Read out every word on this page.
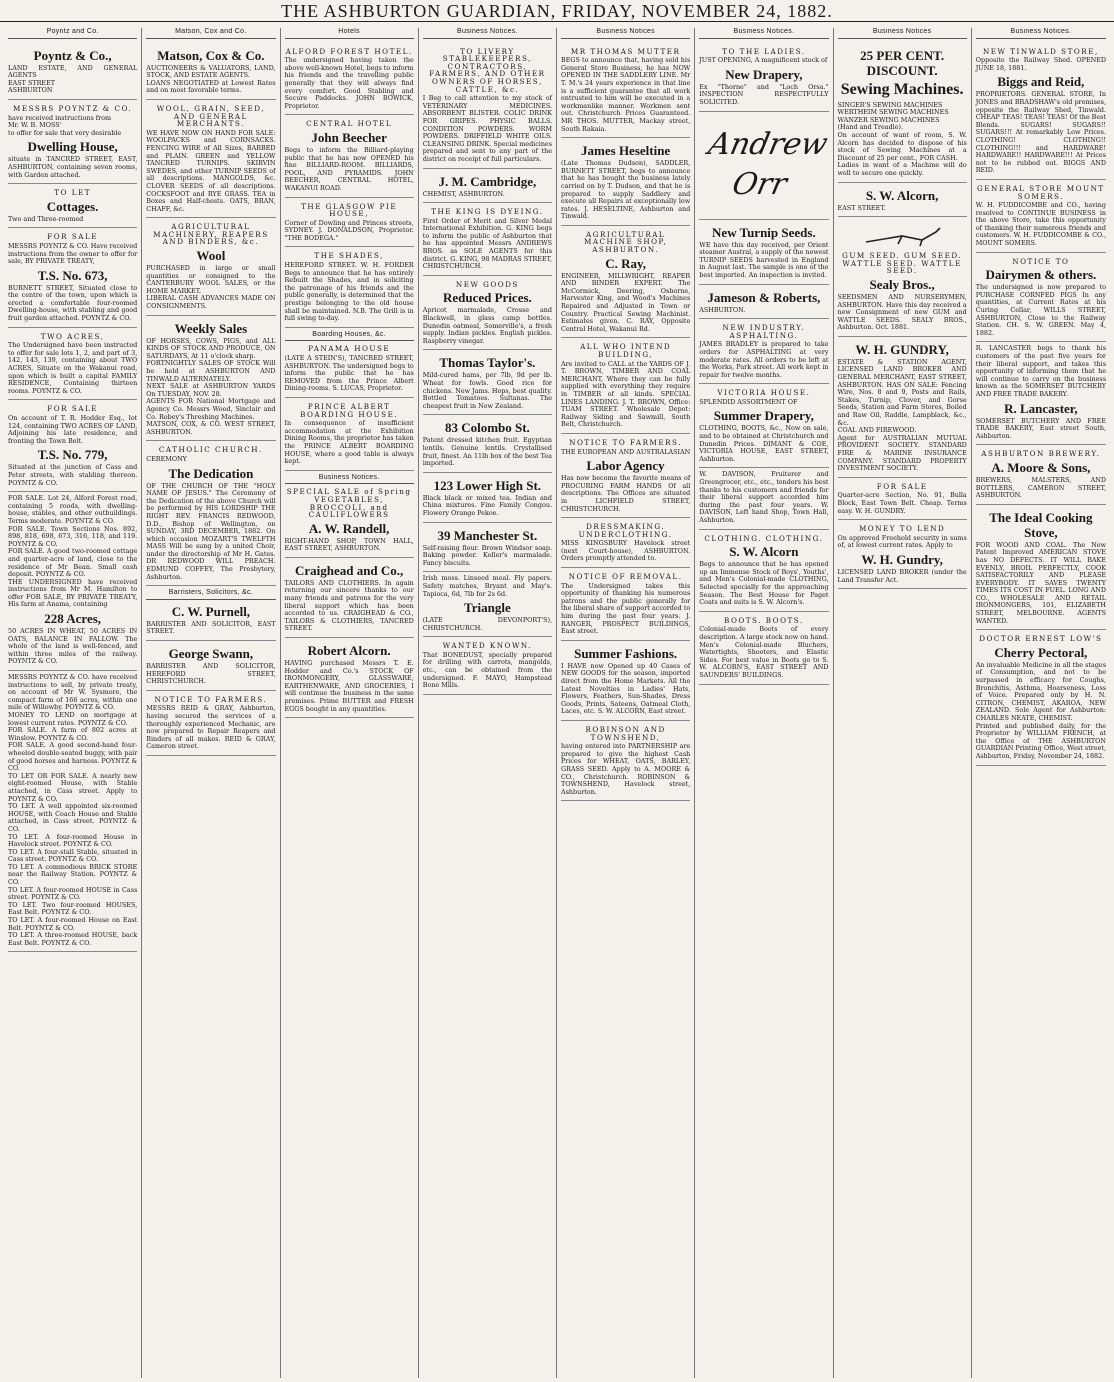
THE ASHBURTON GUARDIAN, FRIDAY, NOVEMBER 24, 1882.
Poyntz and Co.
Poyntz & Co.,
LAND ESTATE, AND GENERAL AGENTS
EAST STREET
ASHBURTON
MESSRS POYNTZ & CO.
have received instructions from
Mr. W. B. MOSS'
to offer for sale that very desirable
Dwelling House,
situate in TANCRED STREET, EAST, ASHBURTON, containing seven rooms, with Garden attached.
TO LET
Cottages.
Two and Three-roomed
FOR SALE
MESSRS POYNTZ & CO. Have received instructions from the owner to offer for sale, BY PRIVATE TREATY,
T.S. No. 673,
BURNETT STREET, Situated close to the centre of the town, upon which is erected a comfortable four-roomed Dwelling-house, with stabling and good fruit garden attached. POYNTZ & CO.
TWO ACRES,
The Undersigned have been instructed to offer for sale lots 1, 2, and part of 3, 142, 143, 139, containing about TWO ACRES, Situate on the Wakanui road, upon which is built a capital FAMILY RESIDENCE, Containing thirteen rooms. POYNTZ & CO.
FOR SALE
On account of T. R. Hodder Esq., lot 124, containing TWO ACRES OF LAND, Adjoining his late residence, and fronting the Town Belt.
T.S. No. 779,
Situated at the junction of Cass and Peter streets, with stabling thereon. POYNTZ & CO.
FOR SALE. Lot 24, Alford Forest road, containing 5 roods, with dwelling-house, stables, and other outbuildings. Terms moderate. POYNTZ & CO.
FOR SALE. Town Sections Nos. 892, 898, 818, 698, 673, 316, 118, and 119. POYNTZ & CO.
FOR SALE. A good two-roomed cottage and quarter-acre of land, close to the residence of Mr Bean. Small cash deposit. POYNTZ & CO.
THE UNDERSIGNED have received instructions from Mr M. Hamilton to offer FOR SALE, BY PRIVATE TREATY, His farm at Anama, containing
228 Acres,
50 ACRES IN WHEAT, 50 ACRES IN OATS, BALANCE IN FALLOW. The whole of the land is well-fenced, and within three miles of the railway. POYNTZ & CO.
MESSRS POYNTZ & CO. have received instructions to sell, by private treaty, on account of Mr W. Sysmore, the compact farm of 166 acres, within one mile of Willowby. POYNTZ & CO.
MONEY TO LEND on mortgage at lowest current rates. POYNTZ & CO.
FOR SALE. A farm of 802 acres at Winslow. POYNTZ & CO.
FOR SALE. A good second-hand four-wheeled double-seated buggy, with pair of good horses and harness. POYNTZ & CO.
TO LET OR FOR SALE. A nearly new eight-roomed House, with Stable attached, in Cass street. Apply to POYNTZ & CO.
TO LET. A well appointed six-roomed HOUSE, with Coach House and Stable attached, in Cass street. POYNTZ & CO.
TO LET. A four-roomed House in Havelock street. POYNTZ & CO.
TO LET. A four-stall Stable, situated in Cass street. POYNTZ & CO.
TO LET. A commodious BRICK STORE near the Railway Station. POYNTZ & CO.
TO LET. A four-roomed HOUSE in Cass street. POYNTZ & CO.
TO LET. Two four-roomed HOUSES, East Belt. POYNTZ & CO.
TO LET. A four-roomed House on East Belt. POYNTZ & CO.
TO LET. A three-roomed HOUSE, back East Belt. POYNTZ & CO.
Matson, Cox and Co.
Matson, Cox & Co.
AUCTIONEERS & VALUATORS, LAND, STOCK, AND ESTATE AGENTS.
LOANS NEGOTIATED at Lowest Rates and on most favorable terms.
WOOL, GRAIN, SEED, AND GENERAL MERCHANTS.
WE HAVE NOW ON HAND FOR SALE: WOOLPACKS and CORNSACKS. FENCING WIRE of All Sizes, BARBED and PLAIN. GREEN and YELLOW TANCRED TURNIPS. SKIRVIN SWEDES, and other TURNIP SEEDS of all descriptions. MANGOLDS, &c. CLOVER SEEDS of all descriptions. COCKSFOOT and RYE GRASS. TEA in Boxes and Half-chests. OATS, BRAN, CHAFF, &c.
AGRICULTURAL MACHINERY, REAPERS AND BINDERS, &c.
Wool
PURCHASED in large or small quantities or consigned to the CANTERBURY WOOL SALES, or the HOME MARKET.
LIBERAL CASH ADVANCES MADE ON CONSIGNMENTS.
Weekly Sales
OF HORSES, COWS, PIGS, and ALL KINDS OF STOCK AND PRODUCE, ON SATURDAYS, At 11 o'clock sharp.
FORTNIGHTLY SALES OF STOCK Will be held at ASHBURTON AND TINWALD ALTERNATELY.
NEXT SALE at ASHBURTON YARDS On TUESDAY, NOV. 28.
AGENTS FOR National Mortgage and Agency Co. Messrs Wood, Sinclair and Co. Robey's Threshing Machines.
MATSON, COX, & CO. WEST STREET, ASHBURTON.
CATHOLIC CHURCH.
CEREMONY
The Dedication
OF THE CHURCH OF THE "HOLY NAME OF JESUS." The Ceremony of the Dedication of the above Church will be performed by HIS LORDSHIP THE RIGHT REV. FRANCIS REDWOOD, D.D., Bishop of Wellington, on SUNDAY, 3RD DECEMBER, 1882. On which occasion MOZART'S TWELFTH MASS Will be sung by a united Choir, under the directorship of Mr H. Gates. DR REDWOOD WILL PREACH. EDMUND COFFEY, The Presbytery, Ashburton.
Barristers, Solicitors, &c.
C. W. Purnell,
BARRISTER AND SOLICITOR, EAST STREET.
George Swann,
BARRISTER AND SOLICITOR, HEREFORD STREET, CHRISTCHURCH.
NOTICE TO FARMERS.
MESSRS REID & GRAY, Ashburton, having secured the services of a thoroughly experienced Mechanic, are now prepared to Repair Reapers and Binders of all makes. REID & GRAY, Cameron street.
Hotels
ALFORD FOREST HOTEL.
The undersigned having taken the above well-known Hotel, begs to inform his friends and the travelling public generally that they will always find every comfort. Good Stabling and Secure Paddocks. JOHN BOWICK, Proprietor.
CENTRAL HOTEL
John Beecher
Begs to inform the Billiard-playing public that he has now OPENED his fine BILLIARD-ROOM. BILLIARDS, POOL, AND PYRAMIDS. JOHN BEECHER, CENTRAL HOTEL, WAKANUI ROAD.
THE GLASGOW PIE HOUSE,
Corner of Dowling and Princes streets, SYDNEY. J. DONALDSON, Proprietor. "THE BODEGA."
THE SHADES,
HEREFORD STREET. W. H. FORDER Begs to announce that he has entirely Rebuilt the Shades, and in soliciting the patronage of his friends and the public generally, is determined that the prestige belonging to the old house shall be maintained. N.B. The Grill is in full swing to-day.
Boarding Houses, &c.
PANAMA HOUSE
(LATE A STEIN'S), TANCRED STREET, ASHBURTON. The undersigned begs to inform the public that he has REMOVED from the Prince Albert Dining-rooms. S. LUCAS, Proprietor.
PRINCE ALBERT BOARDING HOUSE.
In consequence of insufficient accommodation at the Exhibition Dining Rooms, the proprietor has taken the PRINCE ALBERT BOARDING HOUSE, where a good table is always kept.
Business Notices.
SPECIAL SALE of Spring VEGETABLES, BROCCOLI, and CAULIFLOWERS
A. W. Randell,
RIGHT-HAND SHOP, TOWN HALL, EAST STREET, ASHBURTON.
Craighead and Co.,
TAILORS AND CLOTHIERS. In again returning our sincere thanks to our many friends and patrons for the very liberal support which has been accorded to us. CRAIGHEAD & CO., TAILORS & CLOTHIERS, TANCRED STREET.
Robert Alcorn.
HAVING purchased Messrs T. E. Hodder and Co.'s STOCK OF IRONMONGERY, GLASSWARE, EARTHENWARE, AND GROCERIES, I will continue the business in the same premises. Prime BUTTER and FRESH EGGS bought in any quantities.
Business Notices.
TO LIVERY STABLEKEEPERS, CONTRACTORS, FARMERS, AND OTHER OWNERS OF HORSES, CATTLE, &c.
I Beg to call attention to my stock of VETERINARY MEDICINES. ABSORBENT BLISTER. COLIC DRINK FOR GRIPES. PHYSIC BALLS. CONDITION POWDERS. WORM POWDERS. DRIFFIELD WHITE OILS. CLEANSING DRINK. Special medicines prepared and sent to any part of the district on receipt of full particulars.
J. M. Cambridge,
CHEMIST, ASHBURTON.
THE KING IS DYEING.
First Order of Merit and Silver Medal International Exhibition. G. KING begs to inform the public of Ashburton that he has appointed Messrs ANDREWS BROS. as SOLE AGENTS for this district. G. KING, 98 MADRAS STREET, CHRISTCHURCH.
NEW GOODS
Reduced Prices.
Apricot marmalade, Crosse and Blackwell, in glass camp bottles. Dunedin oatmeal, Somerville's, a fresh supply. Indian pickles. English pickles. Raspberry vinegar.
Thomas Taylor's.
Mild-cured hams, per 7lb, 9d per lb. Wheat for fowls. Good rice for chickens. New Jams. Hops, best quality. Bottled Tomatoes. Sultanas. The cheapest fruit in New Zealand.
83 Colombo St.
Patent dressed kitchen fruit. Egyptian lentils. Genuine lentils. Crystallised fruit, finest. An 11lb box of the best Tea imported.
123 Lower High St.
Black black or mixed tea. Indian and China mixtures. Fine Family Congou. Flowery Orange Pekoe.
39 Manchester St.
Self-raising flour. Brown Windsor soap. Baking powder. Koller's marmalade. Fancy biscuits.
Irish moss. Linseed meal. Fly papers. Safety matches, Bryant and May's. Tapioca, 6d, 7lb for 2s 6d.
Triangle
(LATE DEVONPORT'S), CHRISTCHURCH.
WANTED KNOWN.
That BONEDUST, specially prepared for drilling with carrots, mangolds, etc., can be obtained from the undersigned. F. MAYO, Hampstead Bone Mills.
Business Notices
MR THOMAS MUTTER
BEGS to announce that, having sold his General Store Business, he has NOW OPENED IN THE SADDLERY LINE. Mr T. M.'s 24 years experience in that line is a sufficient guarantee that all work entrusted to him will be executed in a workmanlike manner. Workmen sent out. Christchurch Prices Guaranteed. MR THOS. MUTTER, Mackay street, South Rakaia.
James Heseltine
(Late Thomas Dudson), SADDLER, BURNETT STREET, begs to announce that he has bought the business lately carried on by T. Dudson, and that he is prepared to supply Saddlery and execute all Repairs at exceptionally low rates. J. HESELTINE, Ashburton and Tinwald.
AGRICULTURAL MACHINE SHOP, ASHBURTON.
C. Ray,
ENGINEER, MILLWRIGHT, REAPER AND BINDER EXPERT. The McCormick, Deering, Osborne, Harvester King, and Wood's Machines Repaired and Adjusted in Town or Country. Practical Sewing Machinist. Estimates given. C. RAY, Opposite Central Hotel, Wakanui Rd.
ALL WHO INTEND BUILDING,
Are invited to CALL at the YARDS OF J. T. BROWN, TIMBER AND COAL MERCHANT, Where they can be fully supplied with everything they require in TIMBER of all kinds. SPECIAL LINES LANDING. J. T. BROWN, Office: TUAM STREET. Wholesale Depot: Railway Siding and Sawmill, South Belt, Christchurch.
NOTICE TO FARMERS.
THE EUROPEAN AND AUSTRALASIAN
Labor Agency
Has now become the favorite means of PROCURING FARM HANDS Of all descriptions. The Offices are situated in LICHFIELD STREET, CHRISTCHURCH.
DRESSMAKING. UNDERCLOTHING.
MISS KINGSBURY Havelock street (next Court-house), ASHBURTON. Orders promptly attended to.
NOTICE OF REMOVAL.
The Undersigned takes this opportunity of thanking his numerous patrons and the public generally for the liberal share of support accorded to him during the past four years. J. RANGER, PROSPECT BUILDINGS, East street.
Summer Fashions.
I HAVE now Opened up 40 Cases of NEW GOODS for the season, imported direct from the Home Markets. All the Latest Novelties in Ladies' Hats, Flowers, Feathers, Sun-Shades, Dress Goods, Prints, Sateens, Oatmeal Cloth, Laces, etc. S. W. ALCORN, East street.
ROBINSON AND TOWNSHEND,
having entered into PARTNERSHIP are prepared to give the highest Cash Prices for WHEAT, OATS, BARLEY, GRASS SEED. Apply to A. MOORE & CO., Christchurch. ROBINSON & TOWNSHEND, Havelock street, Ashburton.
Business Notices.
TO THE LADIES.
JUST OPENING, A magnificent stock of
New Drapery,
Ex "Thorne" and "Loch Orsa." INSPECTION RESPECTFULLY SOLICITED.
Andrew Orr
New Turnip Seeds.
WE have this day received, per Orient steamer Austral, a supply of the newest TURNIP SEEDS harvested in England in August last. The sample is one of the best imported. An inspection is invited.
Jameson & Roberts,
ASHBURTON.
NEW INDUSTRY. ASPHALTING.
JAMES BRADLEY is prepared to take orders for ASPHALTING at very moderate rates. All orders to be left at the Works, Park street. All work kept in repair for twelve months.
VICTORIA HOUSE.
SPLENDID ASSORTMENT OF
Summer Drapery,
CLOTHING, BOOTS, &c., Now on sale, and to be obtained at Christchurch and Dunedin Prices. DIMANT & COE, VICTORIA HOUSE, EAST STREET, Ashburton.
W. DAVISON, Fruiterer and Greengrocer, etc., etc., tenders his best thanks to his customers and friends for their liberal support accorded him during the past four years. W. DAVISON, Left hand Shop, Town Hall, Ashburton.
CLOTHING. CLOTHING.
S. W. Alcorn
Begs to announce that he has opened up an Immense Stock of Boys', Youths', and Men's Colonial-made CLOTHING, Selected specially for the approaching Season. The Best House for Paget Coats and suits is S. W. Alcorn's.
BOOTS. BOOTS.
Colonial-made Boots of every description. A large stock now on hand. Men's Colonial-made Bluchers, Watertights, Shooters, and Elastic Sides. For best value in Boots go to S. W. ALCORN'S, EAST STREET AND SAUNDERS' BUILDINGS.
Business Notices
25 PER CENT. DISCOUNT.
Sewing Machines.
SINGER'S SEWING MACHINES
WERTHEIM SEWING MACHINES
WANZER SEWING MACHINES
(Hand and Treadle).
On account of want of room, S. W. Alcorn has decided to dispose of his stock of Sewing Machines at a Discount of 25 per cent., FOR CASH.
Ladies in want of a Machine will do well to secure one quickly.
S. W. Alcorn,
EAST STREET.
GUM SEED. GUM SEED. WATTLE SEED. WATTLE SEED.
Sealy Bros.,
SEEDSMEN AND NURSERYMEN, ASHBURTON. Have this day received a new Consignment of new GUM and WATTLE SEEDS. SEALY BROS., Ashburton. Oct. 1881.
W. H. GUNDRY,
ESTATE & STATION AGENT, LICENSED LAND BROKER AND GENERAL MERCHANT, EAST STREET, ASHBURTON. HAS ON SALE: Fencing Wire, Nos. 8 and 9, Posts and Rails, Stakes, Turnip, Clover, and Gorse Seeds, Station and Farm Stores, Boiled and Raw Oil, Raddle, Lampblack, &c., &c.
COAL AND FIREWOOD.
Agent for AUSTRALIAN MUTUAL PROVIDENT SOCIETY. STANDARD FIRE & MARINE INSURANCE COMPANY. STANDARD PROPERTY INVESTMENT SOCIETY.
FOR SALE
Quarter-acre Section, No. 91, Bulla Block, East Town Belt. Cheap. Terms easy. W. H. GUNDRY.
MONEY TO LEND
On approved Freehold security in sums of, at lowest current rates. Apply to
W. H. Gundry,
LICENSED LAND BROKER (under the Land Transfer Act.
Business Notices.
NEW TINWALD STORE,
Opposite the Railway Shed. OPENED JUNE 18, 1881.
Biggs and Reid,
PROPRIETORS. GENERAL STORE, In JONES and BRADSHAW's old premises, opposite the Railway Shed, Tinwald. CHEAP TEAS! TEAS! TEAS! Of the Best Blends. SUGARS! SUGARS!! SUGARS!!! At remarkably Low Prices. CLOTHING! CLOTHING!! CLOTHING!!! and HARDWARE! HARDWARE!! HARDWARE!!! At Prices not to be rubbed out. BIGGS AND REID.
GENERAL STORE MOUNT SOMERS.
W. H. FUDDICOMBE and CO., having resolved to CONTINUE BUSINESS in the above Store, take this opportunity of thanking their numerous friends and customers. W. H. FUDDICOMBE & CO., MOUNT SOMERS.
NOTICE TO
Dairymen & others.
The undersigned is now prepared to PURCHASE CORNFED PIGS In any quantities, at Current Rates at his Curing Cellar, WILLS STREET, ASHBURTON, Close to the Railway Station. CH. S. W. GREEN. May 4, 1882.
R. LANCASTER begs to thank his customers of the past five years for their liberal support, and takes this opportunity of informing them that he will continue to carry on the business known as the SOMERSET BUTCHERY AND FREE TRADE BAKERY.
R. Lancaster,
SOMERSET BUTCHERY AND FREE TRADE BAKERY, East street South, Ashburton.
ASHBURTON BREWERY.
A. Moore & Sons,
BREWERS, MALSTERS, AND BOTTLERS, CAMERON STREET, ASHBURTON.
The Ideal Cooking Stove,
FOR WOOD AND COAL. The New Patent Improved AMERICAN STOVE has NO DEFECTS. IT WILL BAKE EVENLY, BROIL PERFECTLY, COOK SATISFACTORILY AND PLEASE EVERYBODY. IT SAVES TWENTY TIMES ITS COST IN FUEL. LONG AND CO., WHOLESALE AND RETAIL IRONMONGERS, 101, ELIZABETH STREET, MELBOURNE. AGENTS WANTED.
DOCTOR ERNEST LOW'S
Cherry Pectoral,
An invaluable Medicine in all the stages of Consumption, and not to be surpassed in efficacy for Coughs, Bronchitis, Asthma, Hoarseness, Loss of Voice. Prepared only by H. N. CITRON, CHEMIST, AKAROA, NEW ZEALAND. Sole Agent for Ashburton: CHARLES NEATE, CHEMIST.
Printed and published daily, for the Proprietor by WILLIAM FRENCH, at the Office of THE ASHBURTON GUARDIAN Printing Office, West street, Ashburton, Friday, November 24, 1882.
